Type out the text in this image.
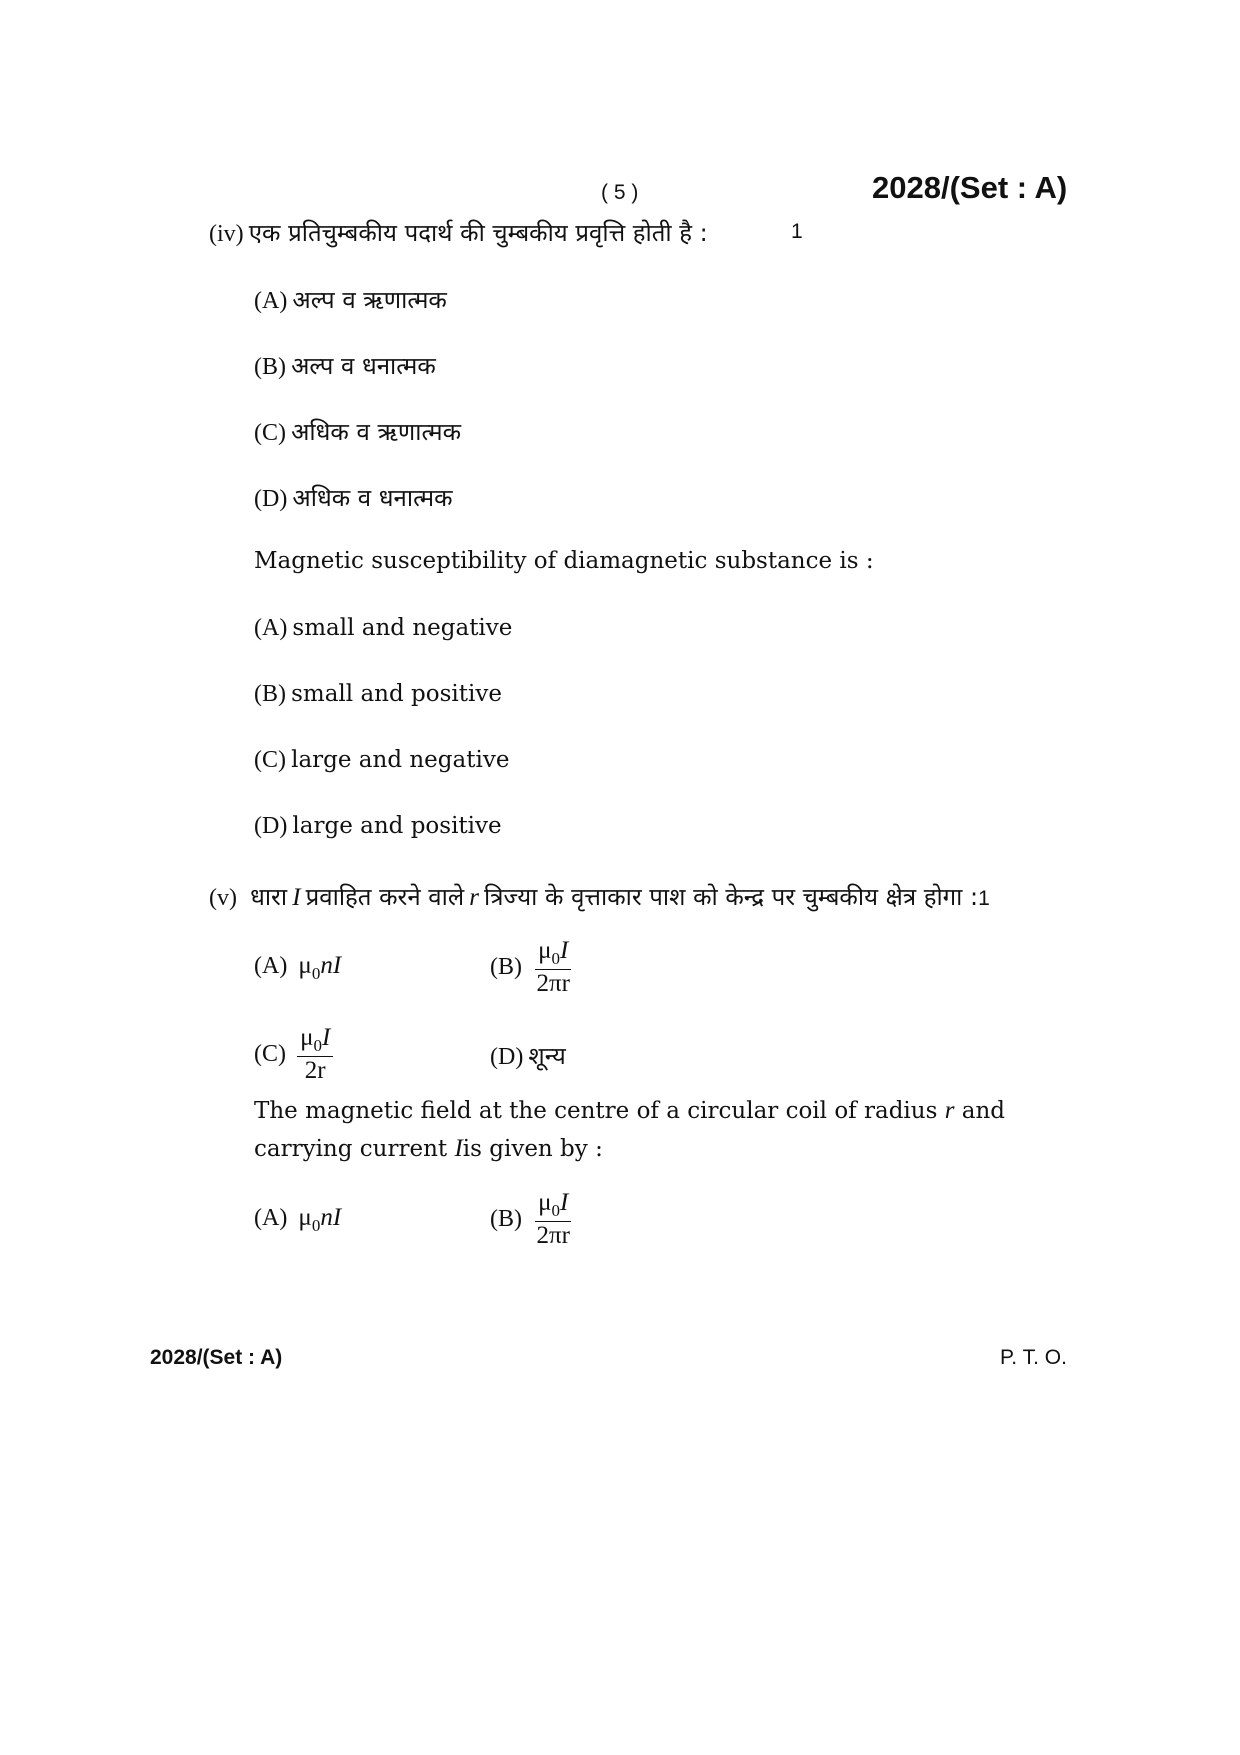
( 5 )	2028/(Set : A)
(iv) एक प्रतिचुम्बकीय पदार्थ की चुम्बकीय प्रवृत्ति होती है :	1
(A) अल्प व ऋणात्मक
(B) अल्प व धनात्मक
(C) अधिक व ऋणात्मक
(D) अधिक व धनात्मक
Magnetic susceptibility of diamagnetic substance is :
(A) small and negative
(B) small and positive
(C) large and negative
(D) large and positive
(v) धारा I प्रवाहित करने वाले r त्रिज्या के वृत्ताकार पाश को केन्द्र पर चुम्बकीय क्षेत्र होगा :1
(A) $\mu_0nI$	$(B) \frac{\mu_0I}{2\pi r}$
$(C) \frac{\mu_0I}{2r}$	(D) शून्य
The magnetic field at the centre of a circular coil of radius r and
carrying current Iis given by :
(A) $\mu_0nI$	$(B) \frac{\mu_0I}{2\pi r}$
2028/(Set : A)	P. T. O.
